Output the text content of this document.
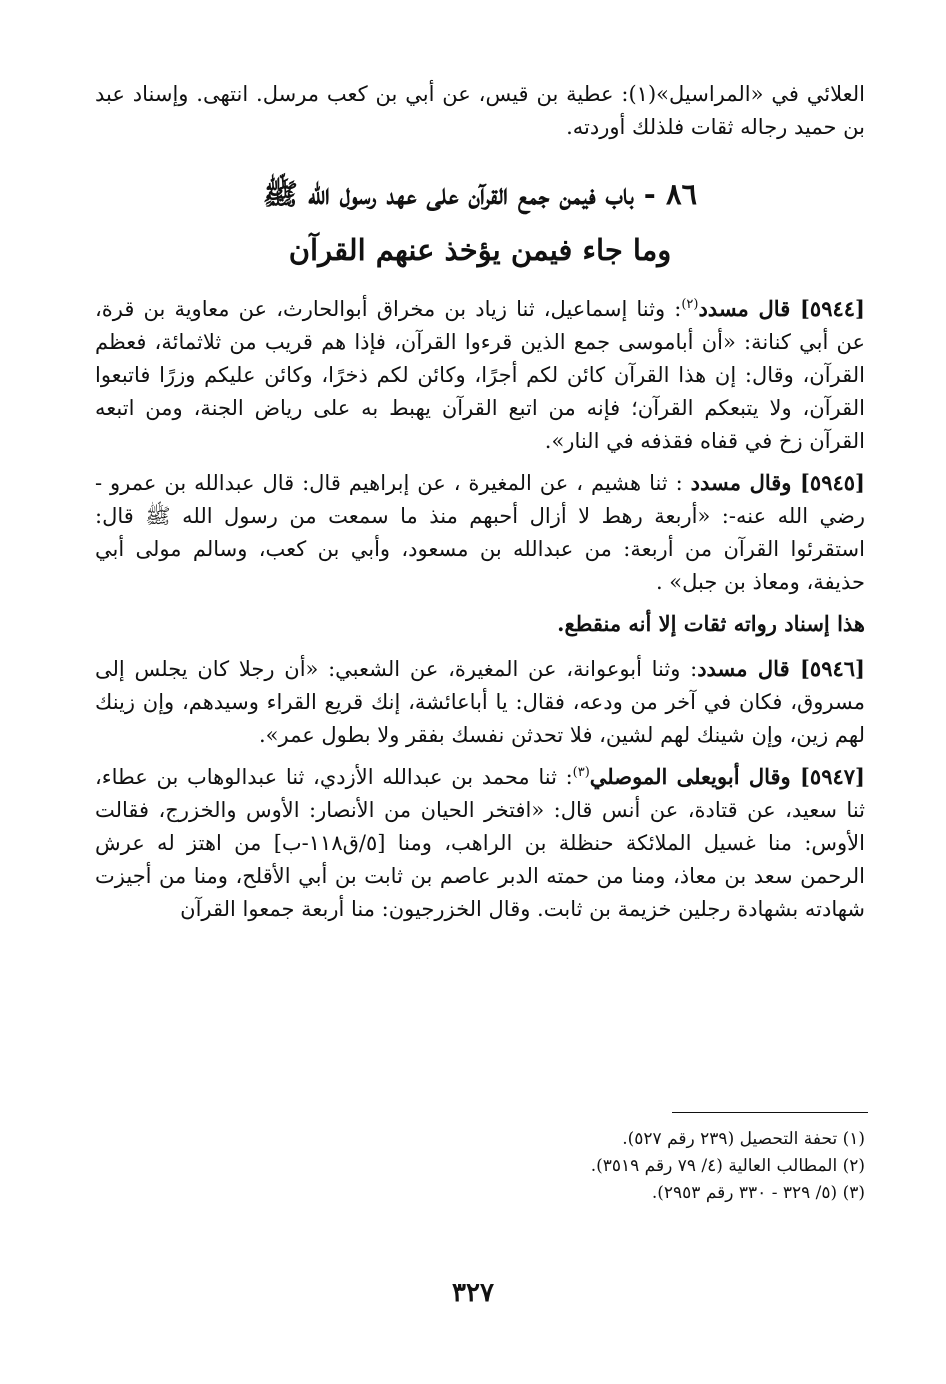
العلائي في «المراسيل»(١): عطية بن قيس، عن أبي بن كعب مرسل. انتهى. وإسناد عبد بن حميد رجاله ثقات فلذلك أوردته.

٨٦ - باب فيمن جمع القرآن على عهد رسول الله ﷺ
وما جاء فيمن يؤخذ عنهم القرآن

[٥٩٤٤] قال مسدد$^{(٢)}$: وثنا إسماعيل، ثنا زياد بن مخراق أبوالحارث، عن معاوية بن قرة، عن أبي كنانة: «أن أباموسى جمع الذين قرءوا القرآن، فإذا هم قريب من ثلاثمائة، فعظم القرآن، وقال: إن هذا القرآن كائن لكم أجرًا، وكائن لكم ذخرًا، وكائن عليكم وزرًا فاتبعوا القرآن، ولا يتبعكم القرآن؛ فإنه من اتبع القرآن يهبط به على رياض الجنة، ومن اتبعه القرآن زخ في قفاه فقذفه في النار».

[٥٩٤٥] وقال مسدد : ثنا هشيم ، عن المغيرة ، عن إبراهيم قال: قال عبدالله بن عمرو - رضي الله عنه-: «أربعة رهط لا أزال أحبهم منذ ما سمعت من رسول الله ﷺ قال: استقرئوا القرآن من أربعة: من عبدالله بن مسعود، وأبي بن كعب، وسالم مولى أبي حذيفة، ومعاذ بن جبل» .

هذا إسناد رواته ثقات إلا أنه منقطع.

[٥٩٤٦] قال مسدد: وثنا أبوعوانة، عن المغيرة، عن الشعبي: «أن رجلا كان يجلس إلى مسروق، فكان في آخر من ودعه، فقال: يا أباعائشة، إنك قريع القراء وسيدهم، وإن زينك لهم زين، وإن شينك لهم لشين، فلا تحدثن نفسك بفقر ولا بطول عمر».

[٥٩٤٧] وقال أبويعلى الموصلي$^{(٣)}$: ثنا محمد بن عبدالله الأزدي، ثنا عبدالوهاب بن عطاء، ثنا سعيد، عن قتادة، عن أنس قال: «افتخر الحيان من الأنصار: الأوس والخزرج، فقالت الأوس: منا غسيل الملائكة حنظلة بن الراهب، ومنا [٥/ق١١٨-ب] من اهتز له عرش الرحمن سعد بن معاذ، ومنا من حمته الدبر عاصم بن ثابت بن أبي الأقلح، ومنا من أجيزت شهادته بشهادة رجلين خزيمة بن ثابت. وقال الخزرجيون: منا أربعة جمعوا القرآن

(١) تحفة التحصيل (٢٣٩ رقم ٥٢٧).
(٢) المطالب العالية (٤/ ٧٩ رقم ٣٥١٩).
(٣) (٥/ ٣٢٩ - ٣٣٠ رقم ٢٩٥٣).
٣٢٧
